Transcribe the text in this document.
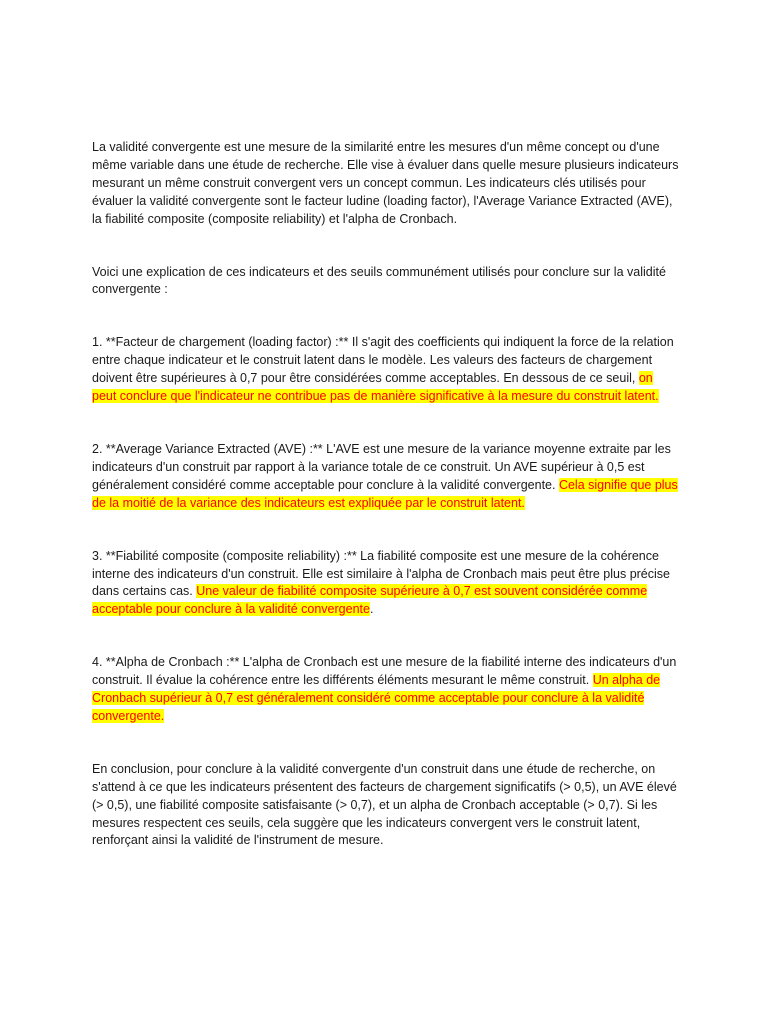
La validité convergente est une mesure de la similarité entre les mesures d'un même concept ou d'une même variable dans une étude de recherche. Elle vise à évaluer dans quelle mesure plusieurs indicateurs mesurant un même construit convergent vers un concept commun. Les indicateurs clés utilisés pour évaluer la validité convergente sont le facteur ludine (loading factor), l'Average Variance Extracted (AVE), la fiabilité composite (composite reliability) et l'alpha de Cronbach.

Voici une explication de ces indicateurs et des seuils communément utilisés pour conclure sur la validité convergente :

1. **Facteur de chargement (loading factor) :** Il s'agit des coefficients qui indiquent la force de la relation entre chaque indicateur et le construit latent dans le modèle. Les valeurs des facteurs de chargement doivent être supérieures à 0,7 pour être considérées comme acceptables. En dessous de ce seuil, on peut conclure que l'indicateur ne contribue pas de manière significative à la mesure du construit latent.

2. **Average Variance Extracted (AVE) :** L'AVE est une mesure de la variance moyenne extraite par les indicateurs d'un construit par rapport à la variance totale de ce construit. Un AVE supérieur à 0,5 est généralement considéré comme acceptable pour conclure à la validité convergente. Cela signifie que plus de la moitié de la variance des indicateurs est expliquée par le construit latent.

3. **Fiabilité composite (composite reliability) :** La fiabilité composite est une mesure de la cohérence interne des indicateurs d'un construit. Elle est similaire à l'alpha de Cronbach mais peut être plus précise dans certains cas. Une valeur de fiabilité composite supérieure à 0,7 est souvent considérée comme acceptable pour conclure à la validité convergente.

4. **Alpha de Cronbach :** L'alpha de Cronbach est une mesure de la fiabilité interne des indicateurs d'un construit. Il évalue la cohérence entre les différents éléments mesurant le même construit. Un alpha de Cronbach supérieur à 0,7 est généralement considéré comme acceptable pour conclure à la validité convergente.

En conclusion, pour conclure à la validité convergente d'un construit dans une étude de recherche, on s'attend à ce que les indicateurs présentent des facteurs de chargement significatifs (> 0,5), un AVE élevé (> 0,5), une fiabilité composite satisfaisante (> 0,7), et un alpha de Cronbach acceptable (> 0,7). Si les mesures respectent ces seuils, cela suggère que les indicateurs convergent vers le construit latent, renforçant ainsi la validité de l'instrument de mesure.
